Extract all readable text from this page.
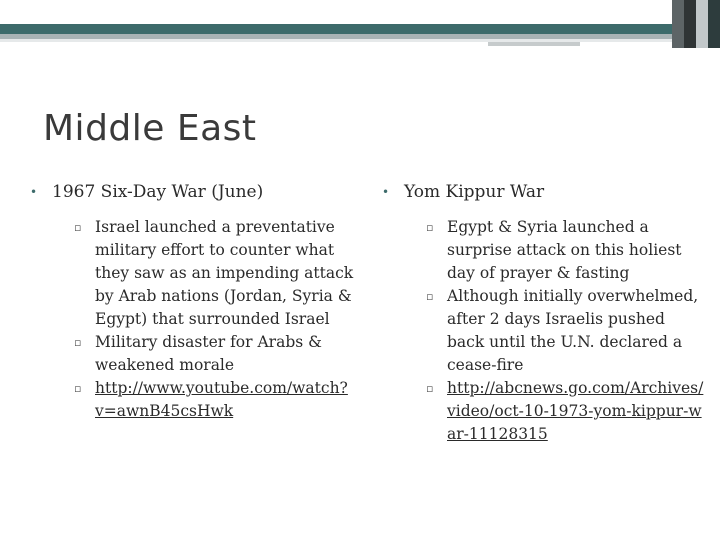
Middle East

• 1967 Six-Day War (June)

▫ Israel launched a preventative military effort to counter what they saw as an impending attack by Arab nations (Jordan, Syria & Egypt) that surrounded Israel
▫ Military disaster for Arabs & weakened morale
▫ http://www.youtube.com/watch?v=awnB45csHwk

• Yom Kippur War

▫ Egypt & Syria launched a surprise attack on this holiest day of prayer & fasting
▫ Although initially overwhelmed, after 2 days Israelis pushed back until the U.N. declared a cease-fire
▫ http://abcnews.go.com/Archives/video/oct-10-1973-yom-kippur-war-11128315
